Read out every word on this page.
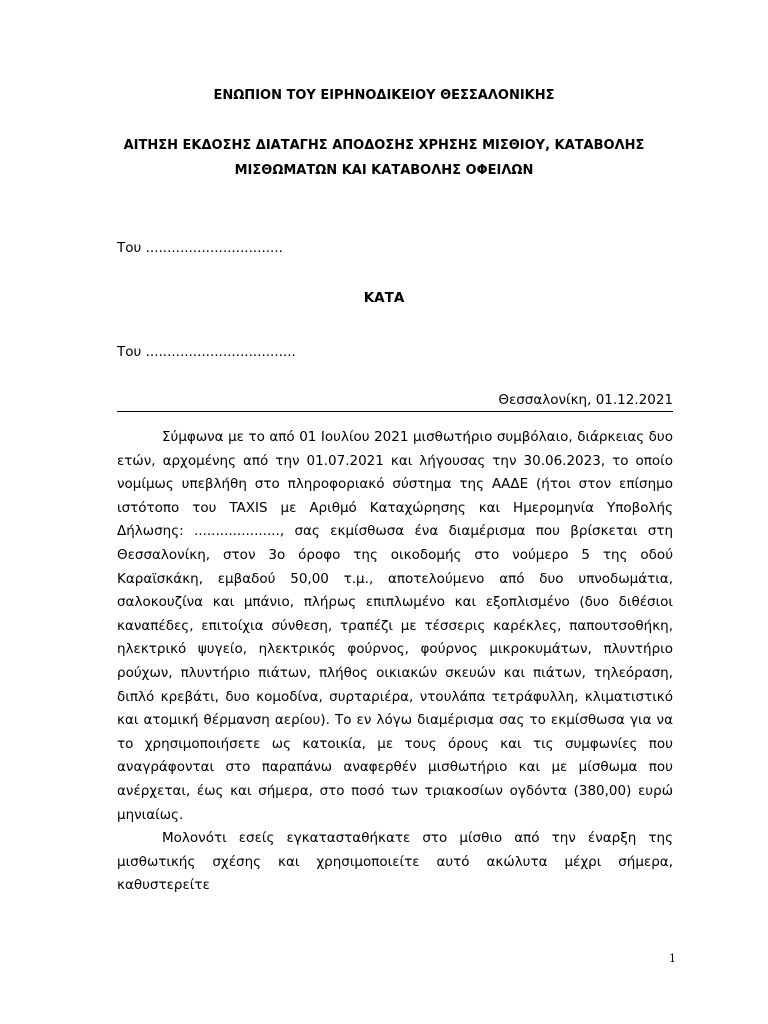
ΕΝΩΠΙΟΝ ΤΟΥ ΕΙΡΗΝΟΔΙΚΕΙΟΥ ΘΕΣΣΑΛΟΝΙΚΗΣ
ΑΙΤΗΣΗ ΕΚΔΟΣΗΣ ΔΙΑΤΑΓΗΣ ΑΠΟΔΟΣΗΣ ΧΡΗΣΗΣ ΜΙΣΘΙΟΥ, ΚΑΤΑΒΟΛΗΣ
ΜΙΣΘΩΜΑΤΩΝ ΚΑΙ ΚΑΤΑΒΟΛΗΣ ΟΦΕΙΛΩΝ
Του ................................
ΚΑΤΑ
Του ...................................
Θεσσαλονίκη, 01.12.2021

Σύμφωνα με το από 01 Ιουλίου 2021 μισθωτήριο συμβόλαιο, διάρκειας δυο ετών, αρχομένης από την 01.07.2021 και λήγουσας την 30.06.2023, το οποίο νομίμως υπεβλήθη στο πληροφοριακό σύστημα της ΑΑΔΕ (ήτοι στον επίσημο ιστότοπο του TAXIS με Αριθμό Καταχώρησης και Ημερομηνία Υποβολής Δήλωσης: ...................., σας εκμίσθωσα ένα διαμέρισμα που βρίσκεται στη Θεσσαλονίκη, στον 3ο όροφο της οικοδομής στο νούμερο 5 της οδού Καραϊσκάκη, εμβαδού 50,00 τ.μ., αποτελούμενο από δυο υπνοδωμάτια, σαλοκουζίνα και μπάνιο, πλήρως επιπλωμένο και εξοπλισμένο (δυο διθέσιοι καναπέδες, επιτοίχια σύνθεση, τραπέζι με τέσσερις καρέκλες, παπουτσοθήκη, ηλεκτρικό ψυγείο, ηλεκτρικός φούρνος, φούρνος μικροκυμάτων, πλυντήριο ρούχων, πλυντήριο πιάτων, πλήθος οικιακών σκευών και πιάτων, τηλεόραση, διπλό κρεβάτι, δυο κομοδίνα, συρταριέρα, ντουλάπα τετράφυλλη, κλιματιστικό και ατομική θέρμανση αερίου). Το εν λόγω διαμέρισμα σας το εκμίσθωσα για να το χρησιμοποιήσετε ως κατοικία, με τους όρους και τις συμφωνίες που αναγράφονται στο παραπάνω αναφερθέν μισθωτήριο και με μίσθωμα που ανέρχεται, έως και σήμερα, στο ποσό των τριακοσίων ογδόντα (380,00) ευρώ μηνιαίως.

Μολονότι εσείς εγκατασταθήκατε στο μίσθιο από την έναρξη της μισθωτικής σχέσης και χρησιμοποιείτε αυτό ακώλυτα μέχρι σήμερα, καθυστερείτε

1
